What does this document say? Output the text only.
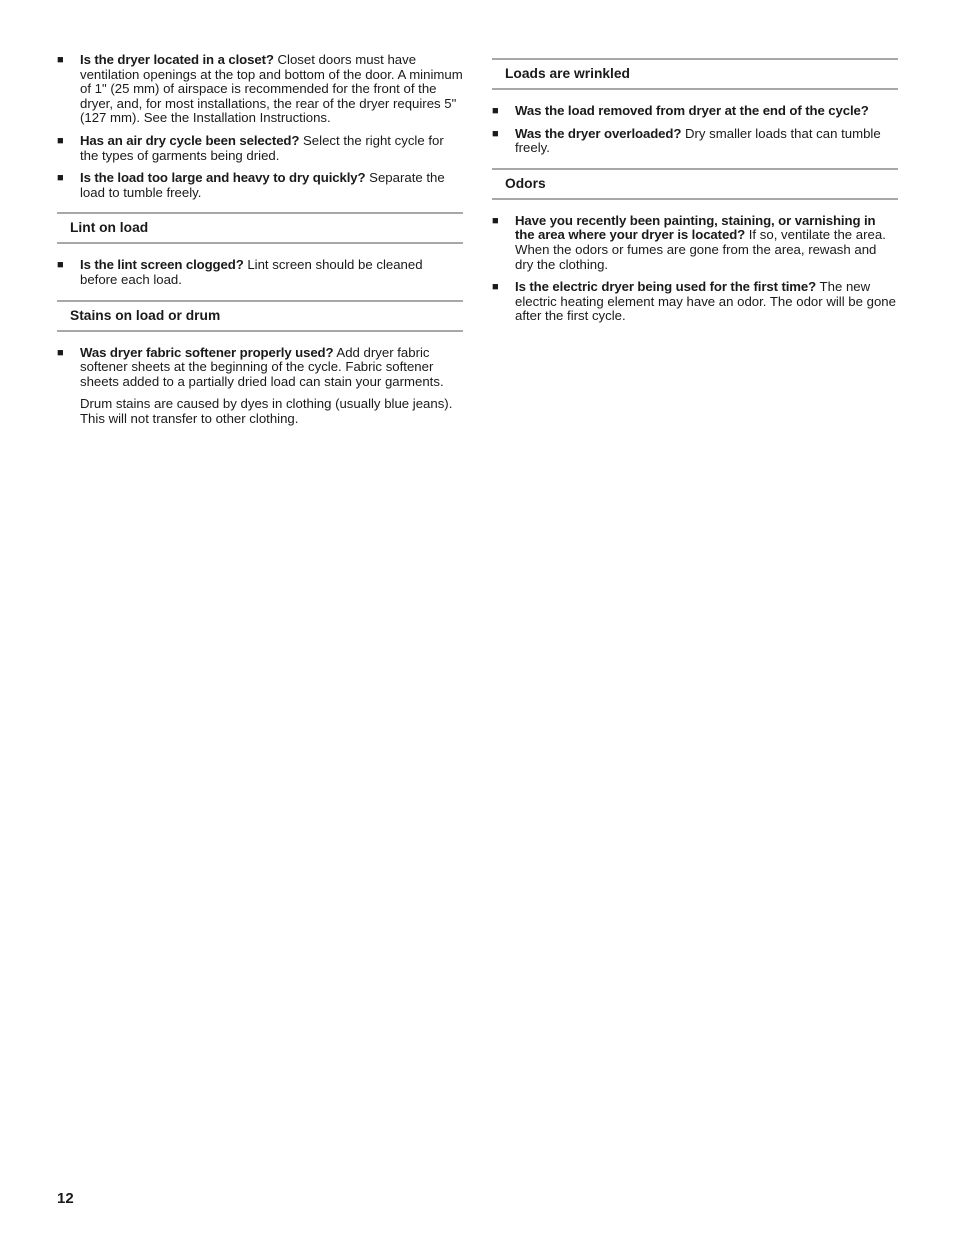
■ Is the dryer located in a closet? Closet doors must have ventilation openings at the top and bottom of the door. A minimum of 1" (25 mm) of airspace is recommended for the front of the dryer, and, for most installations, the rear of the dryer requires 5" (127 mm). See the Installation Instructions.
■ Has an air dry cycle been selected? Select the right cycle for the types of garments being dried.
■ Is the load too large and heavy to dry quickly? Separate the load to tumble freely.
Lint on load
■ Is the lint screen clogged? Lint screen should be cleaned before each load.
Stains on load or drum
■ Was dryer fabric softener properly used? Add dryer fabric softener sheets at the beginning of the cycle. Fabric softener sheets added to a partially dried load can stain your garments.
Drum stains are caused by dyes in clothing (usually blue jeans). This will not transfer to other clothing.
Loads are wrinkled
■ Was the load removed from dryer at the end of the cycle?
■ Was the dryer overloaded? Dry smaller loads that can tumble freely.
Odors
■ Have you recently been painting, staining, or varnishing in the area where your dryer is located? If so, ventilate the area. When the odors or fumes are gone from the area, rewash and dry the clothing.
■ Is the electric dryer being used for the first time? The new electric heating element may have an odor. The odor will be gone after the first cycle.
12
